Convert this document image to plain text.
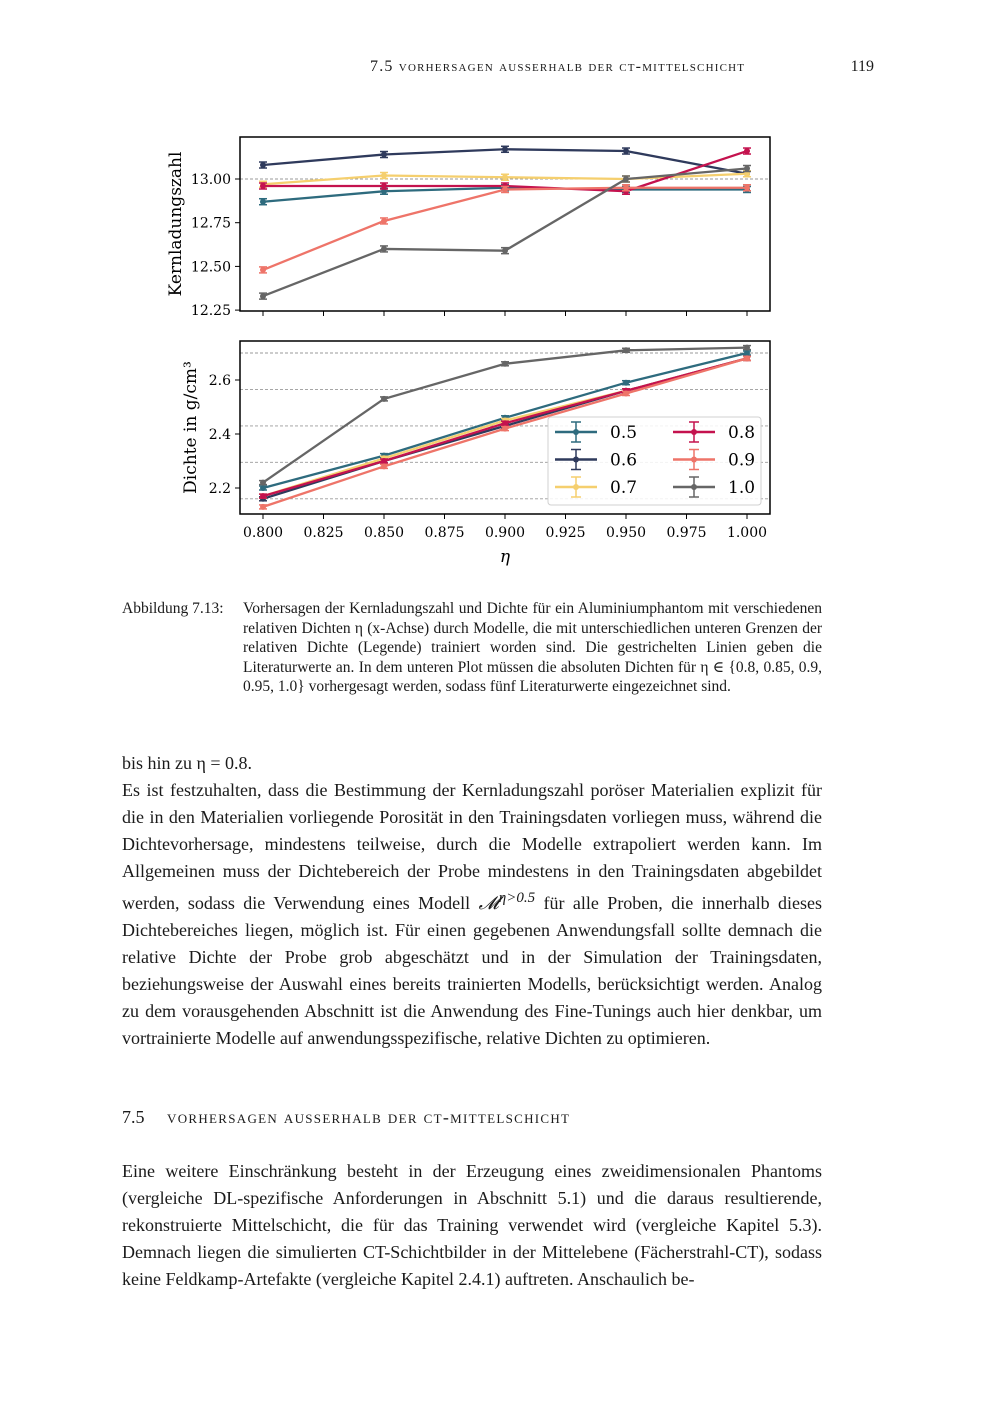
7.5 vorhersagen ausserhalb der ct-mittelschicht	119
12.25
12.50
12.75
13.00
Kernladungszahl
2.2
2.4
2.6
0.800 0.825 0.850 0.875 0.900 0.925 0.950 0.975 1.000
Dichte in g/cm³
η
0.5
0.6
0.7
0.8
0.9
1.0
Abbildung 7.13:	Vorhersagen der Kernladungszahl und Dichte für ein Aluminiumphantom mit verschiedenen relativen Dichten η (x-Achse) durch Modelle, die mit unterschiedlichen unteren Grenzen der relativen Dichte (Legende) trainiert worden sind. Die gestrichelten Linien geben die Literaturwerte an. In dem unteren Plot müssen die absoluten Dichten für η ∈ {0.8, 0.85, 0.9, 0.95, 1.0} vorhergesagt werden, sodass fünf Literaturwerte eingezeichnet sind.

bis hin zu η = 0.8.

Es ist festzuhalten, dass die Bestimmung der Kernladungszahl poröser Materialien explizit für die in den Materialien vorliegende Porosität in den Trainingsdaten vorliegen muss, während die Dichtevorhersage, mindestens teilweise, durch die Modelle extrapoliert werden kann. Im Allgemeinen muss der Dichtebereich der Probe mindestens in den Trainingsdaten abgebildet werden, sodass die Verwendung eines Modell 𝓜$^{\eta>0.5}$ für alle Proben, die innerhalb dieses Dichtebereiches liegen, möglich ist. Für einen gegebenen Anwendungsfall sollte demnach die relative Dichte der Probe grob abgeschätzt und in der Simulation der Trainingsdaten, beziehungsweise der Auswahl eines bereits trainierten Modells, berücksichtigt werden. Analog zu dem vorausgehenden Abschnitt ist die Anwendung des Fine-Tunings auch hier denkbar, um vortrainierte Modelle auf anwendungsspezifische, relative Dichten zu optimieren.

7.5 vorhersagen ausserhalb der ct-mittelschicht

Eine weitere Einschränkung besteht in der Erzeugung eines zweidimensionalen Phantoms (vergleiche DL-spezifische Anforderungen in Abschnitt 5.1) und die daraus resultierende, rekonstruierte Mittelschicht, die für das Training verwendet wird (vergleiche Kapitel 5.3). Demnach liegen die simulierten CT-Schichtbilder in der Mittelebene (Fächerstrahl-CT), sodass keine Feldkamp-Artefakte (vergleiche Kapitel 2.4.1) auftreten. Anschaulich be-
